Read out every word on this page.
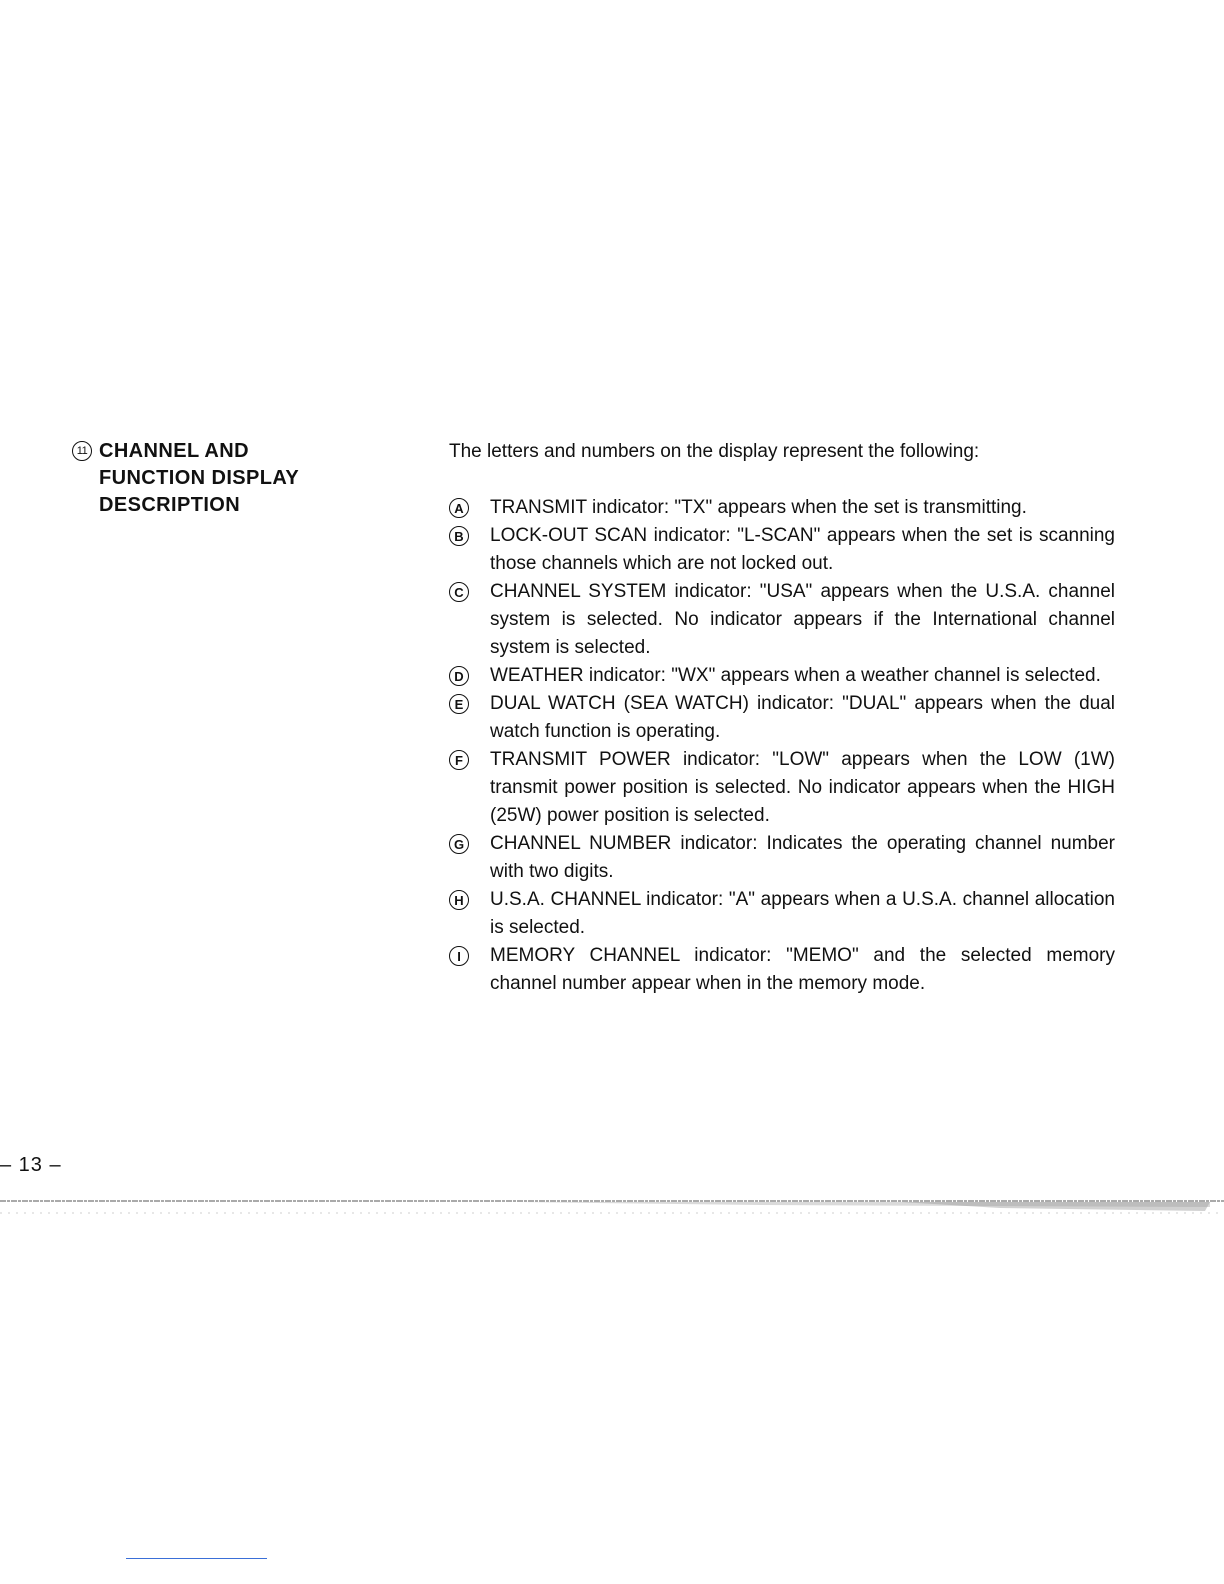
11 CHANNEL AND
FUNCTION DISPLAY
DESCRIPTION

The letters and numbers on the display represent the following:

A TRANSMIT indicator: "TX" appears when the set is transmitting.
B LOCK-OUT SCAN indicator: "L-SCAN" appears when the set is scanning those channels which are not locked out.
C CHANNEL SYSTEM indicator: "USA" appears when the U.S.A. channel system is selected. No indicator appears if the International channel system is selected.
D WEATHER indicator: "WX" appears when a weather channel is selected.
E DUAL WATCH (SEA WATCH) indicator: "DUAL" appears when the dual watch function is operating.
F	TRANSMIT POWER indicator: "LOW" appears when the LOW (1W) transmit power position is selected. No indicator appears when the HIGH (25W) power position is selected.
G CHANNEL NUMBER indicator: Indicates the operating channel number with two digits.
H U.S.A. CHANNEL indicator: "A" appears when a U.S.A. channel allocation is selected.
I	MEMORY CHANNEL indicator: "MEMO" and the selected memory channel number appear when in the memory mode.
– 13 –
